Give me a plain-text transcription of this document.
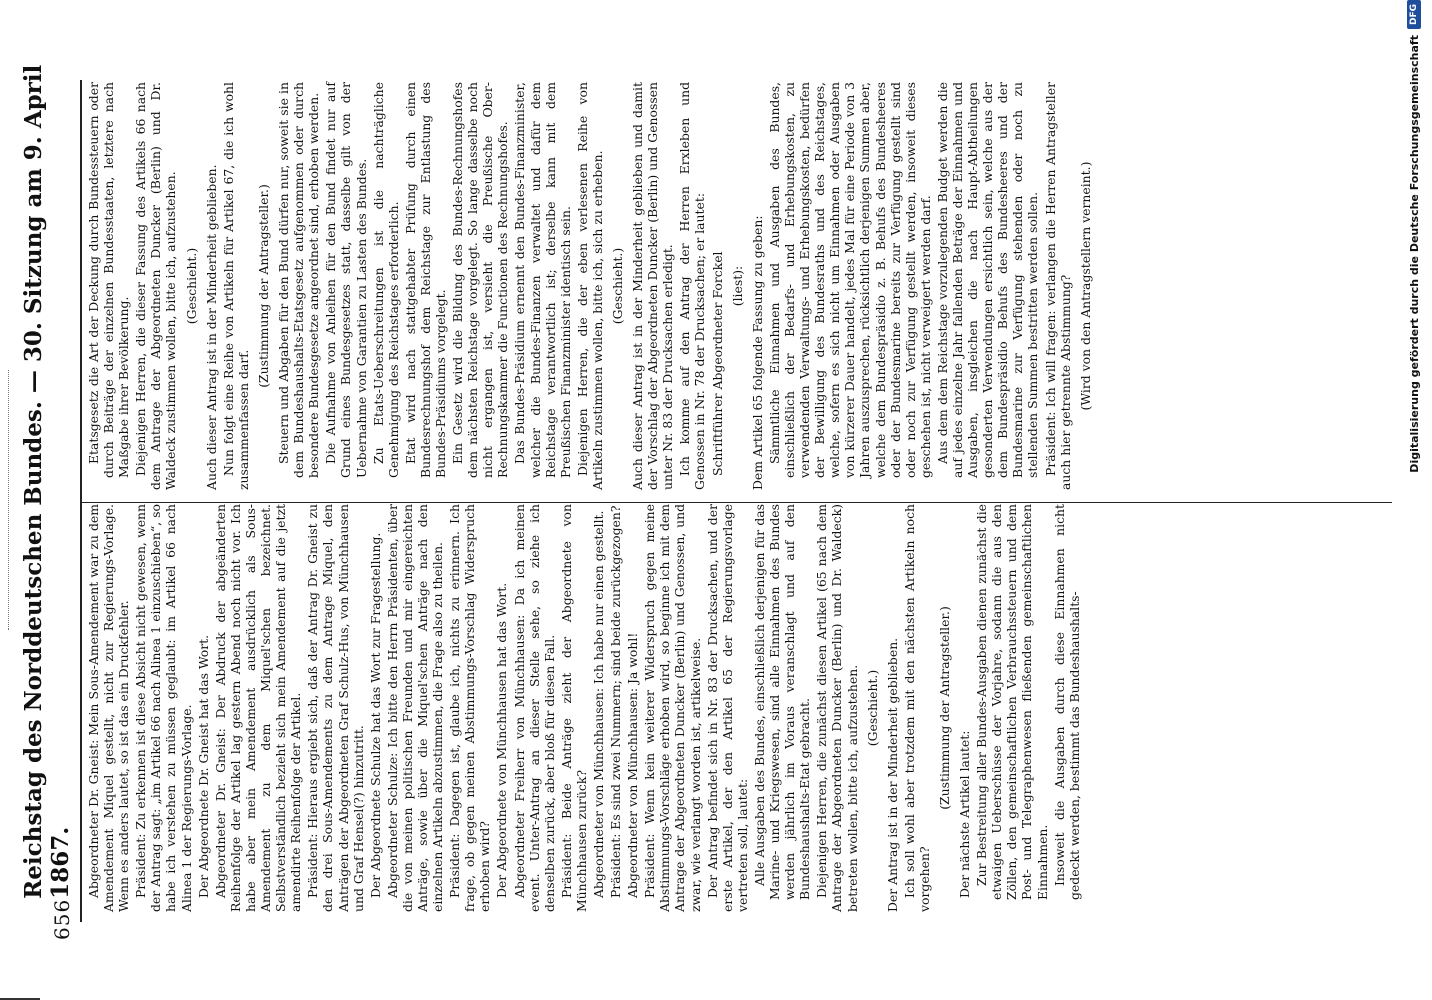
656
Reichstag des Norddeutschen Bundes. — 30. Sitzung am 9. April 1867. Abgeordneter Dr. Gneist: Mein Sous-Amendement war zu dem Amendement Miquel gestellt, nicht zur Regierungs-Vorlage. Wenn es anders lautet, so ist das ein Druckfehler. Präsident: Zu erkennen ist diese Absicht nicht gewesen, wenn der Antrag sagt: „im Artikel 66 nach Alinea 1 einzuschieben“, so habe ich verstehen zu müssen geglaubt: im Artikel 66 nach Alinea 1 der Regierungs-Vorlage. Der Abgeordnete Dr. Gneist hat das Wort. Abgeordneter Dr. Gneist: Der Abdruck der abgeänderten Reihenfolge der Artikel lag gestern Abend noch nicht vor. Ich habe aber mein Amendement ausdrücklich als Sous-Amendement zu dem Miquel'schen bezeichnet. Selbstverständlich bezieht sich mein Amendement auf die jetzt amendirte Reihenfolge der Artikel. Präsident: Hieraus ergiebt sich, daß der Antrag Dr. Gneist zu den drei Sous-Amendements zu dem Antrage Miquel, den Anträgen der Abgeordneten Graf Schulz-Hus, von Münchhausen und Graf Hensel(?) hinzutritt. Der Abgeordnete Schulze hat das Wort zur Fragestellung. Abgeordneter Schulze: Ich bitte den Herrn Präsidenten, über die von meinen politischen Freunden und mir eingereichten Anträge, sowie über die Miquel'schen Anträge nach den einzelnen Artikeln abzustimmen, die Frage also zu theilen. Präsident: Dagegen ist, glaube ich, nichts zu erinnern. Ich frage, ob gegen meinen Abstimmungs-Vorschlag Widerspruch erhoben wird? Der Abgeordnete von Münchhausen hat das Wort. Abgeordneter Freiherr von Münchhausen: Da ich meinen event. Unter-Antrag an dieser Stelle sehe, so ziehe ich denselben zurück, aber bloß für diesen Fall. Präsident: Beide Anträge zieht der Abgeordnete von Münchhausen zurück? Abgeordneter von Münchhausen: Ich habe nur einen gestellt. Präsident: Es sind zwei Nummern; sind beide zurückgezogen? Abgeordneter von Münchhausen: Ja wohl! Präsident: Wenn kein weiterer Widerspruch gegen meine Abstimmungs-Vorschläge erhoben wird, so beginne ich mit dem Antrage der Abgeordneten Duncker (Berlin) und Genossen, und zwar, wie verlangt worden ist, artikelweise. Der Antrag befindet sich in Nr. 83 der Drucksachen, und der erste Artikel, der den Artikel 65 der Regierungsvorlage vertreten soll, lautet: Alle Ausgaben des Bundes, einschließlich derjenigen für das Marine- und Kriegswesen, sind alle Einnahmen des Bundes werden jährlich im Voraus veranschlagt und auf den Bundeshaushalts-Etat gebracht. Diejenigen Herren, die zunächst diesen Artikel (65 nach dem Antrage der Abgeordneten Duncker (Berlin) und Dr. Waldeck) betreten wollen, bitte ich, aufzustehen. (Geschieht.) Der Antrag ist in der Minderheit geblieben. Ich soll wohl aber trotzdem mit den nächsten Artikeln noch vorgehen?

(Zustimmung der Antragsteller.)

Der nächste Artikel lautet: Zur Bestreitung aller Bundes-Ausgaben dienen zunächst die etwaigen Ueberschüsse der Vorjahre, sodann die aus den Zöllen, den gemeinschaftlichen Verbrauchssteuern und dem Post- und Telegraphenwesen fließenden gemeinschaftlichen Einnahmen. Insoweit die Ausgaben durch diese Einnahmen nicht gedeckt werden, bestimmt das Bundeshaushalts-

Etatsgesetz die Art der Deckung durch Bundessteuern oder durch Beiträge der einzelnen Bundesstaaten, letztere nach Maßgabe ihrer Bevölkerung. Diejenigen Herren, die dieser Fassung des Artikels 66 nach dem Antrage der Abgeordneten Duncker (Berlin) und Dr. Waldeck zustimmen wollen, bitte ich, aufzustehen. (Geschieht.) Auch dieser Antrag ist in der Minderheit geblieben. Nun folgt eine Reihe von Artikeln für Artikel 67, die ich wohl zusammenfassen darf.

(Zustimmung der Antragsteller.) Steuern und Abgaben für den Bund dürfen nur, soweit sie in dem Bundeshaushalts-Etatsgesetz aufgenommen oder durch besondere Bundesgesetze angeordnet sind, erhoben werden. Die Aufnahme von Anleihen für den Bund findet nur auf Grund eines Bundesgesetzes statt, dasselbe gilt von der Uebernahme von Garantien zu Lasten des Bundes. Zu Etats-Ueberschreitungen ist die nachträgliche Genehmigung des Reichstages erforderlich. Etat wird nach stattgehabter Prüfung durch einen Bundesrechnungshof dem Reichstage zur Entlastung des Bundes-Präsidiums vorgelegt. Ein Gesetz wird die Bildung des Bundes-Rechnungshofes dem nächsten Reichstage vorgelegt. So lange dasselbe noch nicht ergangen ist, versieht die Preußische Ober-Rechnungskammer die Functionen des Rechnungshofes. Das Bundes-Präsidium ernennt den Bundes-Finanzminister, welcher die Bundes-Finanzen verwaltet und dafür dem Reichstage verantwortlich ist; derselbe kann mit dem Preußischen Finanzminister identisch sein. Diejenigen Herren, die der eben verlesenen Reihe von Artikeln zustimmen wollen, bitte ich, sich zu erheben. (Geschieht.) Auch dieser Antrag ist in der Minderheit geblieben und damit der Vorschlag der Abgeordneten Duncker (Berlin) und Genossen unter Nr. 83 der Drucksachen erledigt. Ich komme auf den Antrag der Herren Erxleben und Genossen in Nr. 78 der Drucksachen; er lautet: Schriftführer Abgeordneter Forckel (liest): Dem Artikel 65 folgende Fassung zu geben: Sämmtliche Einnahmen und Ausgaben des Bundes, einschließlich der Bedarfs- und Erhebungskosten, zu verwendenden Verwaltungs- und Erhebungskosten, bedürfen der Bewilligung des Bundesraths und des Reichstages, welche, sofern es sich nicht um Einnahmen oder Ausgaben von kürzerer Dauer handelt, jedes Mal für eine Periode von 3 Jahren auszusprechen, rücksichtlich derjenigen Summen aber, welche dem Bundespräsidio z. B. Behufs des Bundesheeres oder der Bundesmarine bereits zur Verfügung gestellt sind oder noch zur Verfügung gestellt werden, insoweit dieses geschehen ist, nicht verweigert werden darf. Aus dem dem Reichstage vorzulegenden Budget werden die auf jedes einzelne Jahr fallenden Beträge der Einnahmen und Ausgaben, insgleichen die nach Haupt-Abtheilungen gesonderten Verwendungen ersichtlich sein, welche aus der dem Bundespräsidio Behufs des Bundesheeres und der Bundesmarine zur Verfügung stehenden oder noch zu stellenden Summen bestritten werden sollen. Präsident: Ich will fragen: verlangen die Herren Antragsteller auch hier getrennte Abstimmung? (Wird von den Antragstellern verneint.)	Digitalisierung gefördert durch die Deutsche Forschungsgemeinschaft
DFG
